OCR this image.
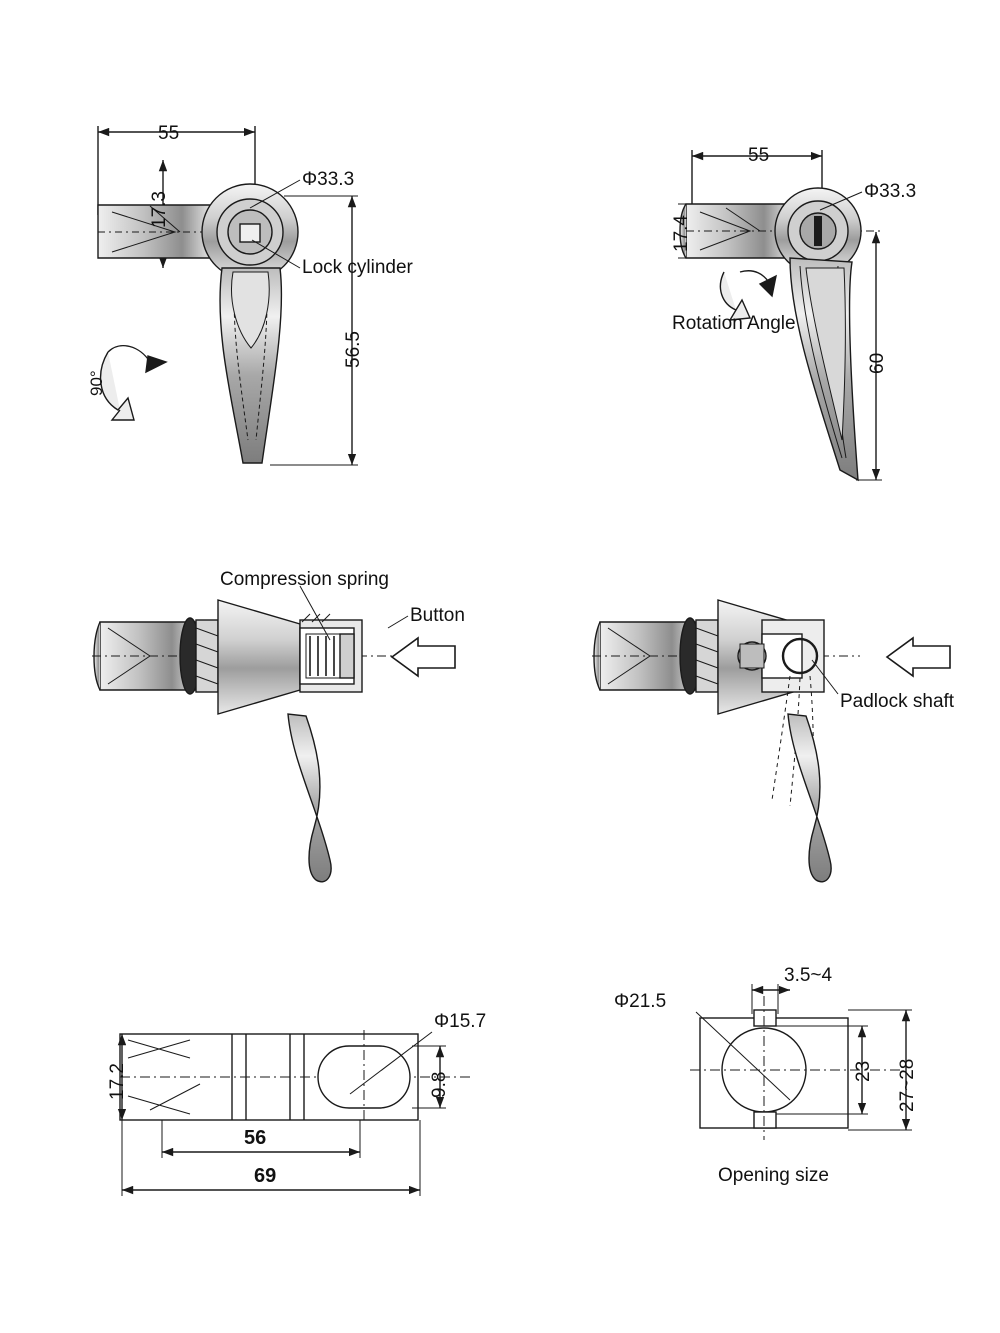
55
17.3
Φ33.3
Lock cylinder
56.5
90°
55
17.4
Φ33.3
60
Rotation Angle
Compression spring
Button
Padlock shaft
17.2
Φ15.7
9.8
56
69
Φ21.5
3.5~4
23 27~28
Opening size
